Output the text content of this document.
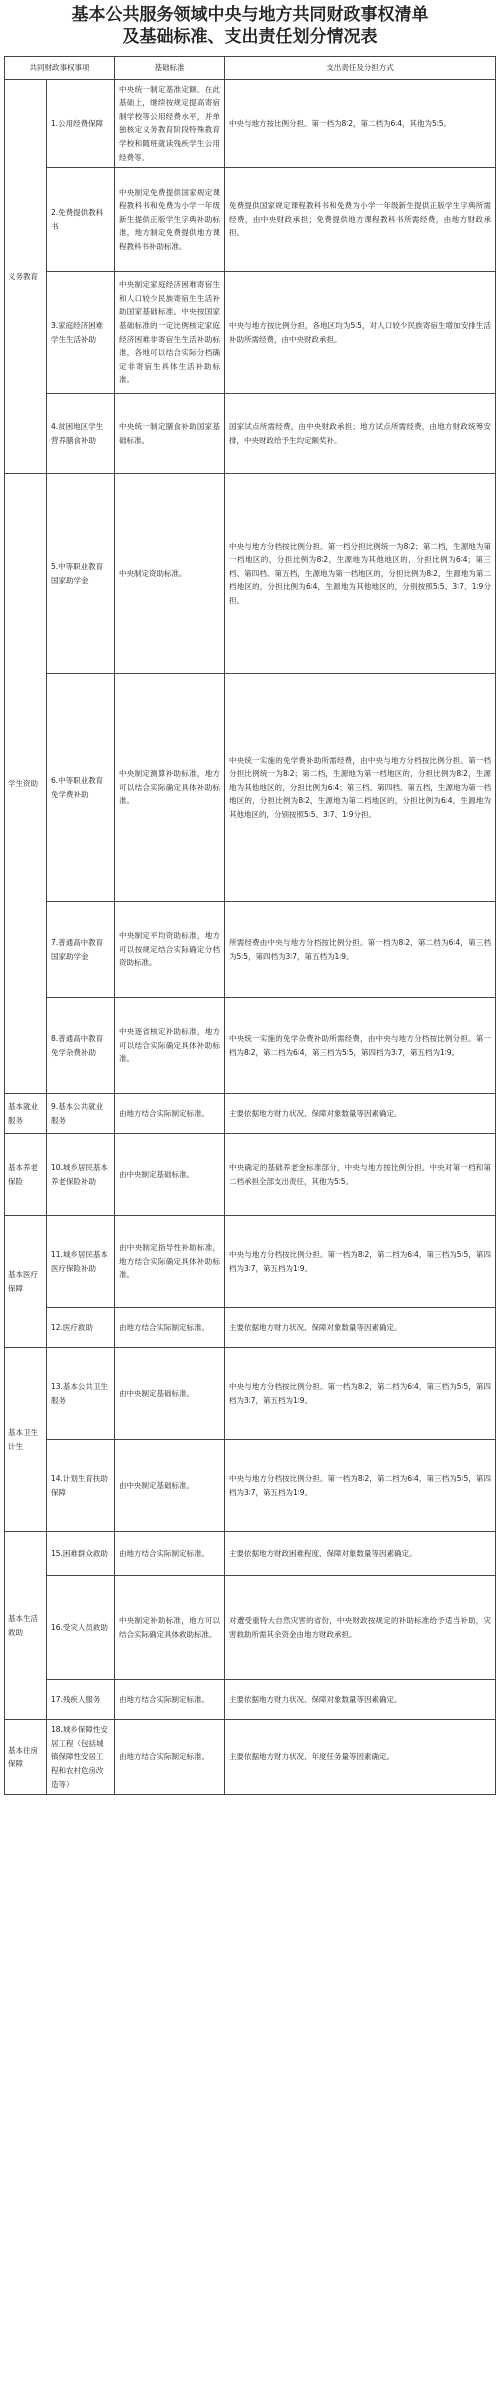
基本公共服务领域中央与地方共同财政事权清单
及基础标准、支出责任划分情况表
共同财政事权事项		基础标准	支出责任及分担方式
义务教育	1.公用经费保障	中央统一制定基准定额。在此基础上，继续按规定提高寄宿制学校等公用经费水平，并单独核定义务教育阶段特殊教育学校和随班就读残疾学生公用经费等。	中央与地方按比例分担。第一档为8∶2，第二档为6∶4，其他为5∶5。
	2.免费提供教科书	中央制定免费提供国家规定课程教科书和免费为小学一年级新生提供正版学生字典补助标准，地方制定免费提供地方课程教科书补助标准。	免费提供国家规定课程教科书和免费为小学一年级新生提供正版学生字典所需经费，由中央财政承担；免费提供地方课程教科书所需经费，由地方财政承担。
	3.家庭经济困难学生生活补助	中央制定家庭经济困难寄宿生和人口较少民族寄宿生生活补助国家基础标准。中央按国家基础标准的一定比例核定家庭经济困难非寄宿生生活补助标准，各地可以结合实际分档确定非寄宿生具体生活补助标准。	中央与地方按比例分担，各地区均为5∶5，对人口较少民族寄宿生增加安排生活补助所需经费，由中央财政承担。
	4.贫困地区学生营养膳食补助	中央统一制定膳食补助国家基础标准。	国家试点所需经费，由中央财政承担；地方试点所需经费，由地方财政统筹安排，中央财政给予生均定额奖补。
学生资助	5.中等职业教育国家助学金	中央制定资助标准。	中央与地方分档按比例分担。第一档分担比例统一为8∶2；第二档，生源地为第一档地区的，分担比例为8∶2，生源地为其他地区的，分担比例为6∶4；第三档、第四档、第五档，生源地为第一档地区的，分担比例为8∶2，生源地为第二档地区的，分担比例为6∶4，生源地为其他地区的，分别按照5∶5、3∶7、1∶9分担。
	6.中等职业教育免学费补助	中央制定测算补助标准，地方可以结合实际确定具体补助标准。	中央统一实施的免学费补助所需经费，由中央与地方分档按比例分担。第一档分担比例统一为8∶2；第二档，生源地为第一档地区的，分担比例为8∶2，生源地为其他地区的，分担比例为6∶4；第三档、第四档、第五档，生源地为第一档地区的，分担比例为8∶2，生源地为第二档地区的，分担比例为6∶4，生源地为其他地区的，分别按照5∶5、3∶7、1∶9分担。
	7.普通高中教育国家助学金	中央制定平均资助标准，地方可以按规定结合实际确定分档资助标准。	所需经费由中央与地方分档按比例分担。第一档为8∶2，第二档为6∶4，第三档为5∶5，第四档为3∶7，第五档为1∶9。
	8.普通高中教育免学杂费补助	中央逐省核定补助标准，地方可以结合实际确定具体补助标准。	中央统一实施的免学杂费补助所需经费，由中央与地方分档按比例分担。第一档为8∶2，第二档为6∶4，第三档为5∶5，第四档为3∶7，第五档为1∶9。
基本就业服务	9.基本公共就业服务	由地方结合实际制定标准。	主要依据地方财力状况、保障对象数量等因素确定。
基本养老保险	10.城乡居民基本养老保险补助	由中央制定基础标准。	中央确定的基础养老金标准部分，中央与地方按比例分担。中央对第一档和第二档承担全部支出责任，其他为5∶5。
基本医疗保障	11.城乡居民基本医疗保险补助	由中央制定指导性补助标准，地方结合实际确定具体补助标准。	中央与地方分档按比例分担。第一档为8∶2，第二档为6∶4，第三档为5∶5，第四档为3∶7，第五档为1∶9。
	12.医疗救助	由地方结合实际制定标准。	主要依据地方财力状况、保障对象数量等因素确定。
基本卫生计生	13.基本公共卫生服务	由中央制定基础标准。	中央与地方分档按比例分担。第一档为8∶2，第二档为6∶4，第三档为5∶5，第四档为3∶7，第五档为1∶9。
	14.计划生育扶助保障	由中央制定基础标准。	中央与地方分档按比例分担。第一档为8∶2，第二档为6∶4，第三档为5∶5，第四档为3∶7，第五档为1∶9。
基本生活救助	15.困难群众救助	由地方结合实际制定标准。	主要依据地方财政困难程度、保障对象数量等因素确定。
	16.受灾人员救助	中央制定补助标准，地方可以结合实际确定具体救助标准。	对遭受重特大自然灾害的省份，中央财政按规定的补助标准给予适当补助，灾害救助所需其余资金由地方财政承担。
	17.残疾人服务	由地方结合实际制定标准。	主要依据地方财力状况、保障对象数量等因素确定。
基本住房保障	18.城乡保障性安居工程（包括城镇保障性安居工程和农村危房改造等）	由地方结合实际制定标准。	主要依据地方财力状况、年度任务量等因素确定。
